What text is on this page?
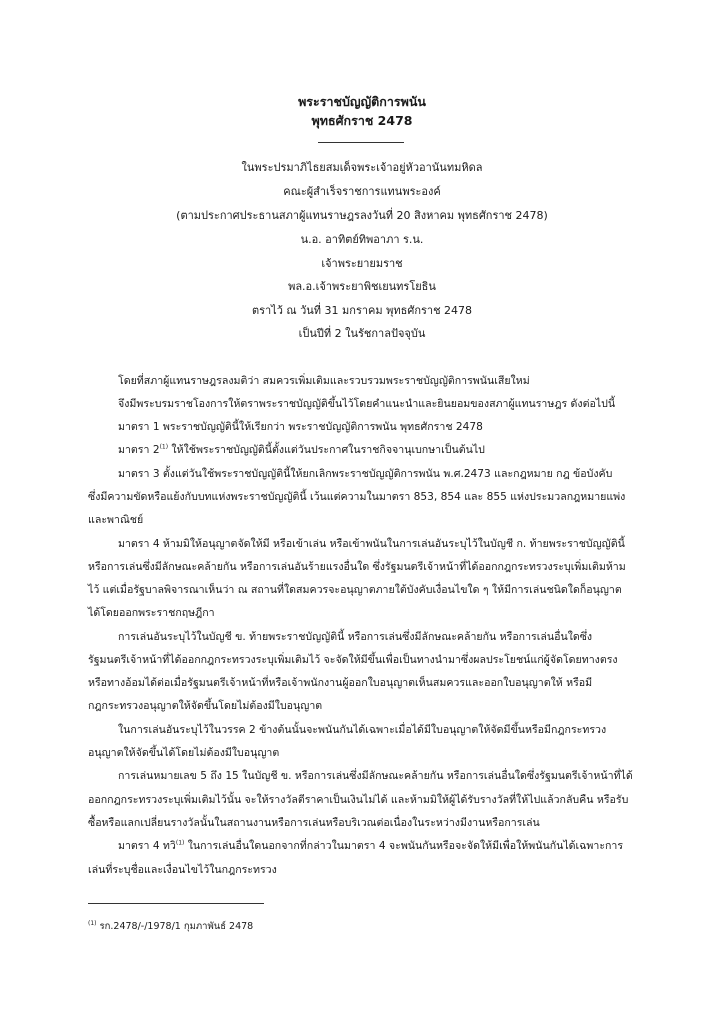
พระราชบัญญัติการพนัน
พุทธศักราช 2478
ในพระปรมาภิไธยสมเด็จพระเจ้าอยู่หัวอานันทมหิดล
คณะผู้สำเร็จราชการแทนพระองค์
(ตามประกาศประธานสภาผู้แทนราษฎรลงวันที่ 20 สิงหาคม พุทธศักราช 2478)
น.อ. อาทิตย์ทิพอาภา ร.น.
เจ้าพระยายมราช
พล.อ.เจ้าพระยาพิชเยนทรโยธิน
ตราไว้ ณ วันที่ 31 มกราคม พุทธศักราช 2478
เป็นปีที่ 2 ในรัชกาลปัจจุบัน
โดยที่สภาผู้แทนราษฎรลงมติว่า สมควรเพิ่มเติมและรวบรวมพระราชบัญญัติการพนันเสียใหม่
จึงมีพระบรมราชโองการให้ตราพระราชบัญญัติขึ้นไว้โดยคำแนะนำและยินยอมของสภาผู้แทนราษฎร ดังต่อไปนี้
มาตรา 1 พระราชบัญญัตินี้ให้เรียกว่า พระราชบัญญัติการพนัน พุทธศักราช 2478
มาตรา 2$^{(1)}$ ให้ใช้พระราชบัญญัตินี้ตั้งแต่วันประกาศในราชกิจจานุเบกษาเป็นต้นไป
มาตรา 3 ตั้งแต่วันใช้พระราชบัญญัตินี้ให้ยกเลิกพระราชบัญญัติการพนัน พ.ศ.2473 และกฎหมาย กฎ ข้อบังคับ
ซึ่งมีความขัดหรือแย้งกับบทแห่งพระราชบัญญัตินี้ เว้นแต่ความในมาตรา 853, 854 และ 855 แห่งประมวลกฎหมายแพ่ง
และพาณิชย์
มาตรา 4 ห้ามมิให้อนุญาตจัดให้มี หรือเข้าเล่น หรือเข้าพนันในการเล่นอันระบุไว้ในบัญชี ก. ท้ายพระราชบัญญัตินี้
หรือการเล่นซึ่งมีลักษณะคล้ายกัน หรือการเล่นอันร้ายแรงอื่นใด ซึ่งรัฐมนตรีเจ้าหน้าที่ได้ออกกฎกระทรวงระบุเพิ่มเติมห้าม
ไว้ แต่เมื่อรัฐบาลพิจารณาเห็นว่า ณ สถานที่ใดสมควรจะอนุญาตภายใต้บังคับเงื่อนไขใด ๆ ให้มีการเล่นชนิดใดก็อนุญาต
ได้โดยออกพระราชกฤษฎีกา
การเล่นอันระบุไว้ในบัญชี ข. ท้ายพระราชบัญญัตินี้ หรือการเล่นซึ่งมีลักษณะคล้ายกัน หรือการเล่นอื่นใดซึ่ง
รัฐมนตรีเจ้าหน้าที่ได้ออกกฎกระทรวงระบุเพิ่มเติมไว้ จะจัดให้มีขึ้นเพื่อเป็นทางนำมาซึ่งผลประโยชน์แก่ผู้จัดโดยทางตรง
หรือทางอ้อมได้ต่อเมื่อรัฐมนตรีเจ้าหน้าที่หรือเจ้าพนักงานผู้ออกใบอนุญาตเห็นสมควรและออกใบอนุญาตให้ หรือมี
กฎกระทรวงอนุญาตให้จัดขึ้นโดยไม่ต้องมีใบอนุญาต
ในการเล่นอันระบุไว้ในวรรค 2 ข้างต้นนั้นจะพนันกันได้เฉพาะเมื่อได้มีใบอนุญาตให้จัดมีขึ้นหรือมีกฎกระทรวง
อนุญาตให้จัดขึ้นได้โดยไม่ต้องมีใบอนุญาต
การเล่นหมายเลข 5 ถึง 15 ในบัญชี ข. หรือการเล่นซึ่งมีลักษณะคล้ายกัน หรือการเล่นอื่นใดซึ่งรัฐมนตรีเจ้าหน้าที่ได้
ออกกฎกระทรวงระบุเพิ่มเติมไว้นั้น จะให้รางวัลตีราคาเป็นเงินไม่ได้ และห้ามมิให้ผู้ได้รับรางวัลที่ให้ไปแล้วกลับคืน หรือรับ
ซื้อหรือแลกเปลี่ยนรางวัลนั้นในสถานงานหรือการเล่นหรือบริเวณต่อเนื่องในระหว่างมีงานหรือการเล่น
มาตรา 4 ทวิ$^{(1)}$ ในการเล่นอื่นใดนอกจากที่กล่าวในมาตรา 4 จะพนันกันหรือจะจัดให้มีเพื่อให้พนันกันได้เฉพาะการ
เล่นที่ระบุชื่อและเงื่อนไขไว้ในกฎกระทรวง
$^{(1)}$ รก.2478/-/1978/1 กุมภาพันธ์ 2478
